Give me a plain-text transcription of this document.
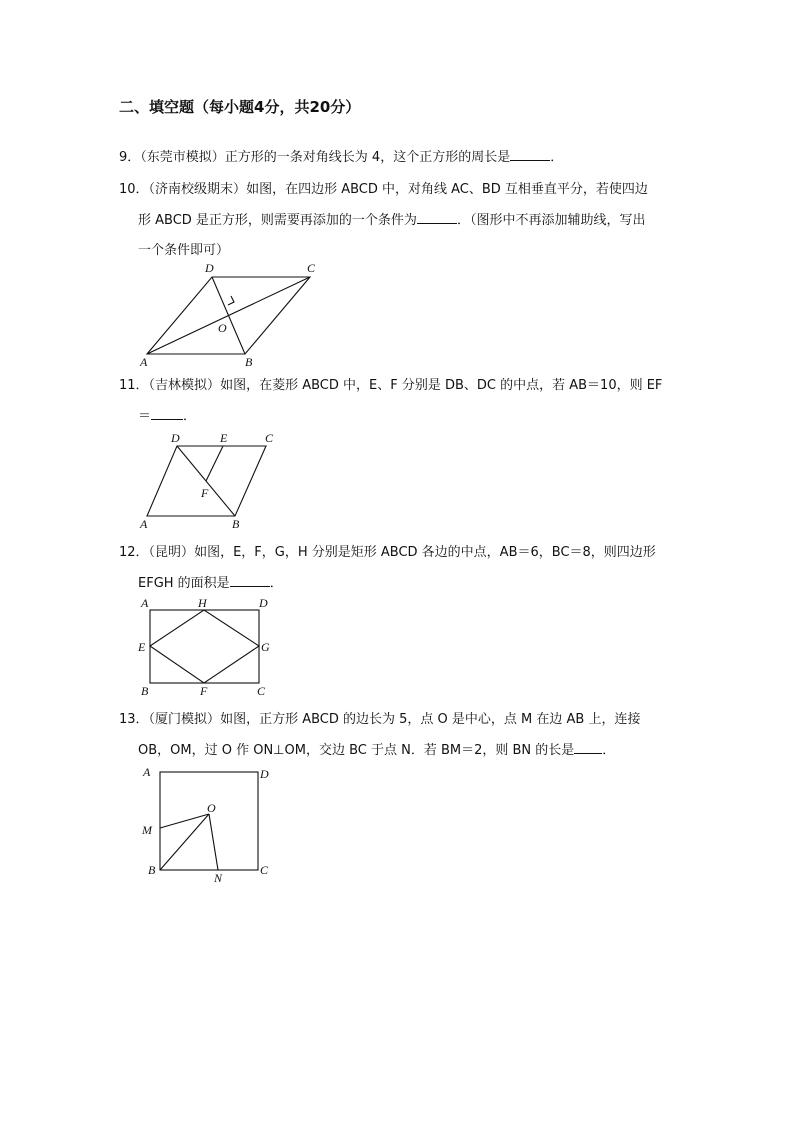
二、填空题（每小题4分，共20分）
9．（东莞市模拟）正方形的一条对角线长为 4，这个正方形的周长是	．
10．（济南校级期末）如图，在四边形 ABCD 中，对角线 AC、BD 互相垂直平分，若使四边
形 ABCD 是正方形，则需要再添加的一个条件为	．（图形中不再添加辅助线，写出
一个条件即可）
A	B
C
D
O
11．（吉林模拟）如图，在菱形 ABCD 中，E、F 分别是 DB、DC 的中点，若 AB＝10，则 EF
＝ ．
A	B
C
D	E
F
12．（昆明）如图，E，F，G，H 分别是矩形 ABCD 各边的中点，AB＝6，BC＝8，则四边形
EFGH 的面积是	．
A	H	D
E	G
B	F	C
13．（厦门模拟）如图，正方形 ABCD 的边长为 5，点 O 是中心，点 M 在边 AB 上，连接
OB，OM，过 O 作 ON⊥OM，交边 BC 于点 N．若 BM＝2，则 BN 的长是 ．
A	D
O
M
B
N
C
